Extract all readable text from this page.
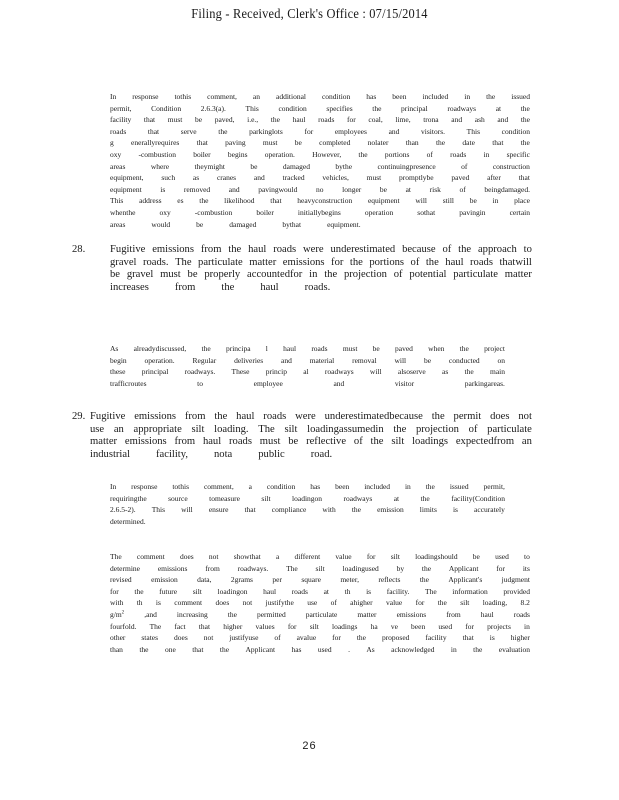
Filing - Received, Clerk's Office : 07/15/2014
In response tothis comment, an additional condition has been included in the issued
permit,	Condition	2.6.3(a).	This	condition	specifies	the	principal	roadways	at	the
facility that must be paved, i.e., the haul roads for coal, lime, trona and ash and the
roads	that	serve	the	parkinglots	for	employees	and	visitors.	This	condition
g enerallyrequires that paving must be completed nolater than the date that the
oxy -combustion boiler begins operation. However, the portions of roads in specific
areas	where	theymight	be	damaged	bythe	continuingpresence	of	construction
equipment, such as cranes and tracked vehicles, must promptlybe paved after that
equipment is removed and pavingwould no longer be at risk of beingdamaged.
This address es the likelihood that heavyconstruction equipment will still be in place
whenthe	oxy	-combustion	boiler	initiallybegins	operation	sothat	pavingin	certain
areas	would	be	damaged	bythat	equipment.
28. Fugitive emissions from the haul roads were underestimated because of the approach to
gravel roads. The particulate matter emissions for the portions of the haul roads thatwill
be gravel must be properly accountedfor in the projection of potential particulate matter
increases from the haul roads.
As alreadydiscussed, the principa l haul roads must be paved when the project
begin operation. Regular deliveries and material removal will be conducted on
these principal roadways. These princip al roadways will alsoserve as the main
trafficroutes	to	employee	and	visitor	parkingareas.
29. Fugitive emissions from the haul roads were underestimatedbecause the permit does not
use an appropriate silt loading. The silt loadingassumedin the projection of particulate
matter emissions from haul roads must be reflective of the silt loadings expectedfrom an
industrial facility, nota public road.
In response tothis comment, a condition has been included in the issued permit,
requiringthe	source	tomeasure	silt	loadingon	roadways	at	the	facility(Condition
2.6.5-2). This will ensure that compliance with the emission limits is accurately
determined.
The comment does not showthat a different value for silt loadingshould be used to
determine emissions from roadways. The silt loadingused by the Applicant for its
revised	emission	data,	2grams	per	square	meter,	reflects	the	Applicant's	judgment
for the future silt loadingon haul roads at th is facility. The information provided
with th is comment does not justifythe use of ahigher value for the silt loading, 8.2
$g/m^2$	,and	increasing	the	permitted	particulate	matter	emissions	from	haul	roads
fourfold. The fact that higher values for silt loadings ha ve been used for projects in
other states does not justifyuse of avalue for the proposed facility that is higher
than the one that the Applicant has used . As acknowledged in the evaluation
26
